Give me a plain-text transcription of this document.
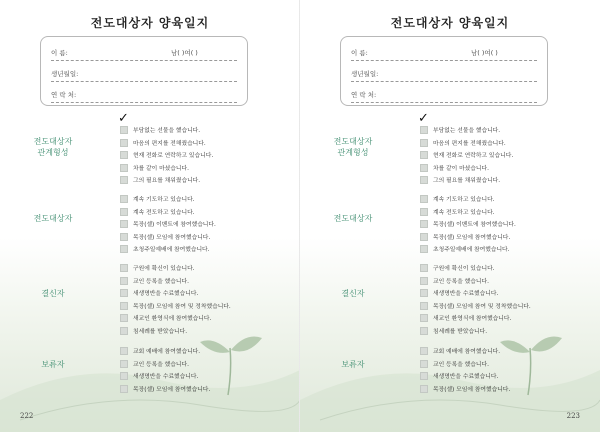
전도대상자 양육일지
이 름:	남( )여( )
생년월일:
연 락 처:
✓
전도대상자
관계형성
부담없는 선물을 했습니다.
마음의 편지를 전해줬습니다.
현재 전화로 연락하고 있습니다.
차를 같이 마셨습니다.
그의 필요를 채워줬습니다.
전도대상자
계속 기도하고 있습니다.
계속 전도하고 있습니다.
목장(셀) 이벤트에 참여했습니다.
목장(셀) 모임에 참여했습니다.
초청주일예배에 참여했습니다.
결신자
구원에 확신이 있습니다.
교인 등록을 했습니다.
새생명반을 수료했습니다.
목장(셀) 모임에 참여 및 정착했습니다.
새교인 환영식에 참여했습니다.
침세례를 받았습니다.
보류자
교회 예배에 참여했습니다.
교인 등록을 했습니다.
새생명반을 수료했습니다.
목장(셀) 모임에 참여했습니다.
222
전도대상자 양육일지
이 름:	남( )여( )
생년월일:
연 락 처:
✓
전도대상자
관계형성
부담없는 선물을 했습니다.
마음의 편지를 전해줬습니다.
현재 전화로 연락하고 있습니다.
차를 같이 마셨습니다.
그의 필요를 채워줬습니다.
전도대상자
계속 기도하고 있습니다.
계속 전도하고 있습니다.
목장(셀) 이벤트에 참여했습니다.
목장(셀) 모임에 참여했습니다.
초청주일예배에 참여했습니다.
결신자
구원에 확신이 있습니다.
교인 등록을 했습니다.
새생명반을 수료했습니다.
목장(셀) 모임에 참여 및 정착했습니다.
새교인 환영식에 참여했습니다.
침세례를 받았습니다.
보류자
교회 예배에 참여했습니다.
교인 등록을 했습니다.
새생명반을 수료했습니다.
목장(셀) 모임에 참여했습니다.
223
